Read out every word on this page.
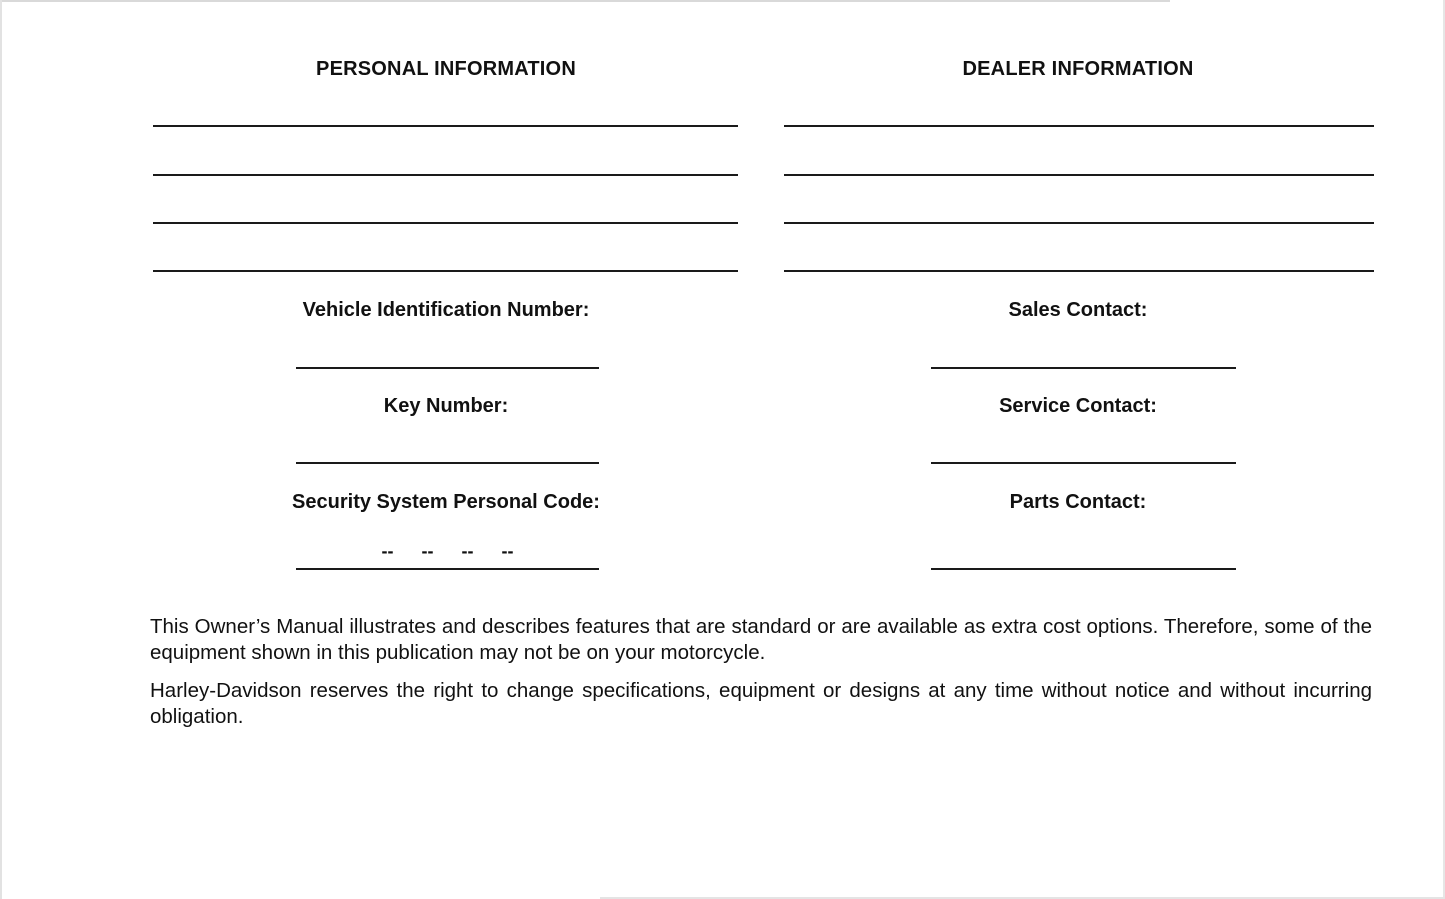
PERSONAL INFORMATION
Vehicle Identification Number:
Key Number:
Security System Personal Code:
-- -- -- --
DEALER INFORMATION
Sales Contact:
Service Contact:
Parts Contact:
This Owner’s Manual illustrates and describes features that are standard or are available as extra cost options. Therefore, some of the equipment shown in this publication may not be on your motorcycle.
Harley-Davidson reserves the right to change specifications, equipment or designs at any time without notice and without incurring obligation.
